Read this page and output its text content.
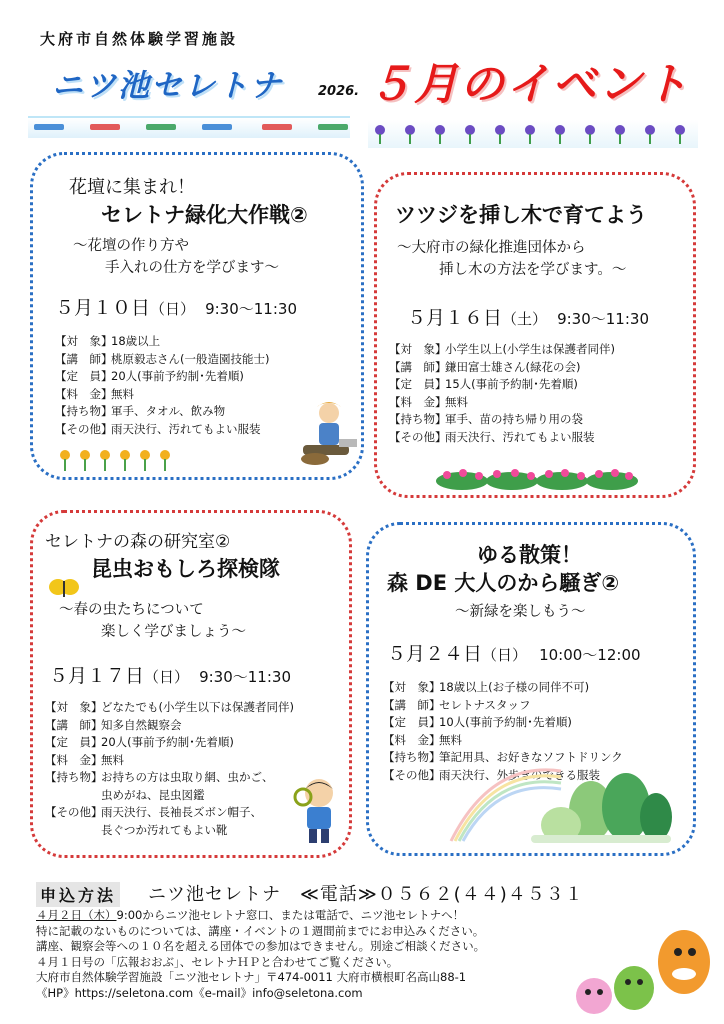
大府市自然体験学習施設
ニツ池セレトナ	2026. ５月のイベント
花壇に集まれ！
セレトナ緑化大作戦②
～花壇の作り方や
手入れの仕方を学びます～
５月１０日（日） 9:30～11:30
【対　象】18歳以上
【講　師】桃原毅志さん(一般造園技能士)
【定　員】20人(事前予約制･先着順)
【料　金】無料
【持ち物】軍手、タオル、飲み物
【その他】雨天決行、汚れてもよい服装
ツツジを挿し木で育てよう
～大府市の緑化推進団体から
挿し木の方法を学びます。～
５月１６日（土） 9:30～11:30
【対　象】小学生以上(小学生は保護者同伴)
【講　師】鎌田富士雄さん(緑花の会)
【定　員】15人(事前予約制･先着順)
【料　金】無料
【持ち物】軍手、苗の持ち帰り用の袋
【その他】雨天決行、汚れてもよい服装
セレトナの森の研究室②
昆虫おもしろ探検隊
～春の虫たちについて
楽しく学びましょう～
５月１７日（日） 9:30～11:30
【対　象】どなたでも(小学生以下は保護者同伴)
【講　師】知多自然観察会
【定　員】20人(事前予約制･先着順)
【料　金】無料
【持ち物】お持ちの方は虫取り網、虫かご、
虫めがね、昆虫図鑑
【その他】雨天決行、長袖長ズボン帽子、
長ぐつか汚れてもよい靴
ゆる散策！
森 DE 大人のから騒ぎ②
～新緑を楽しもう～
５月２４日（日） 10:00～12:00
【対　象】18歳以上(お子様の同伴不可)
【講　師】セレトナスタッフ
【定　員】10人(事前予約制･先着順)
【料　金】無料
【持ち物】筆記用具、お好きなソフトドリンク
【その他】雨天決行、外歩きのできる服装
申込方法 ニツ池セレトナ　≪電話≫０５６２(４４)４５３１
４月２日（木）9:00からニツ池セレトナ窓口、または電話で、ニツ池セレトナへ！
特に記載のないものについては、講座・イベントの１週間前までにお申込みください。
講座、観察会等への１０名を超える団体での参加はできません。別途ご相談ください。
４月１日号の「広報おおぶ」、セレトナＨＰと合わせてご覧ください。
大府市自然体験学習施設「ニツ池セレトナ」〒474-0011 大府市横根町名高山88-1
《HP》https://seletona.com《e-mail》info@seletona.com
